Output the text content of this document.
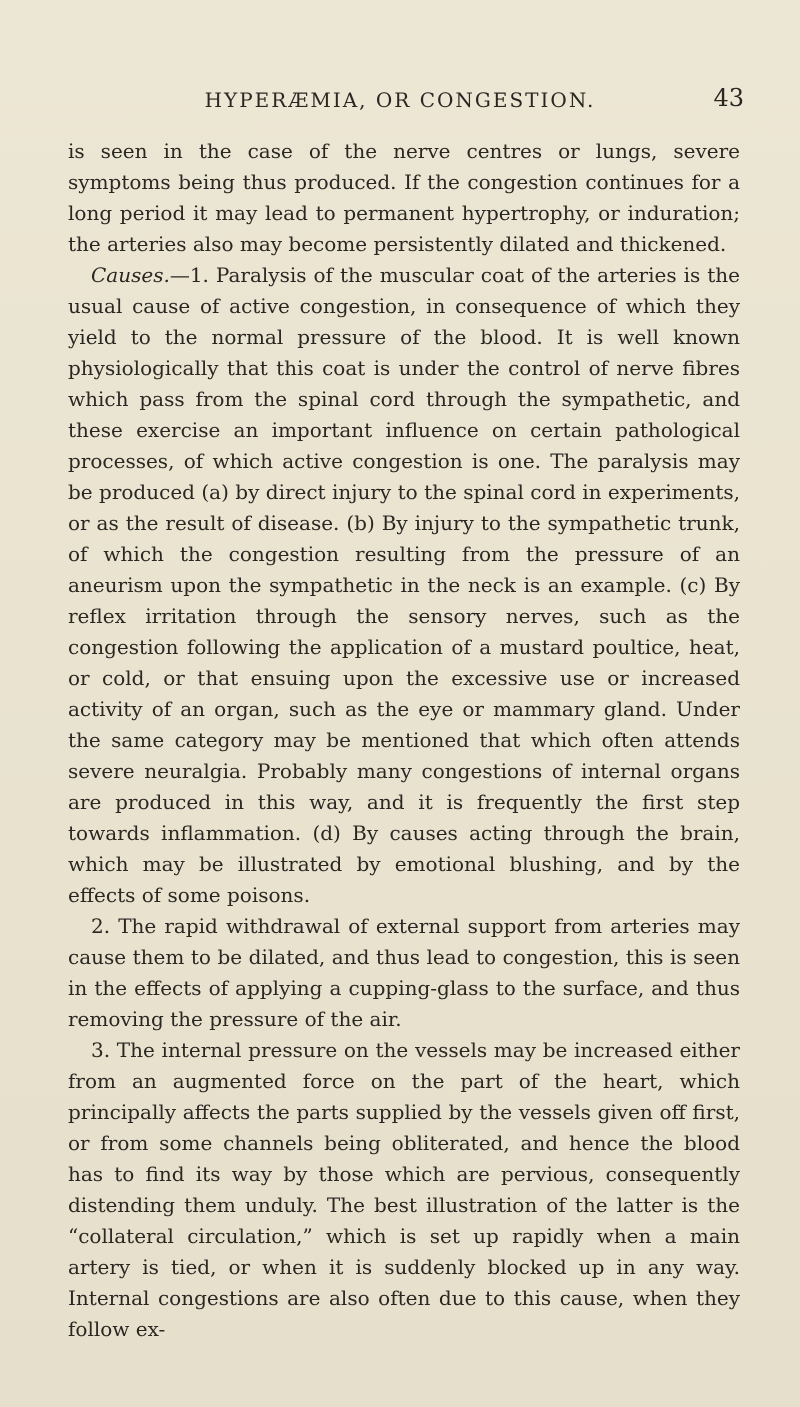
HYPERÆMIA, OR CONGESTION.	43

is seen in the case of the nerve centres or lungs, severe symptoms being thus produced. If the congestion continues for a long period it may lead to permanent hypertrophy, or induration; the arteries also may become persistently dilated and thickened.

Causes.—1. Paralysis of the muscular coat of the arteries is the usual cause of active congestion, in consequence of which they yield to the normal pressure of the blood. It is well known physiologically that this coat is under the control of nerve fibres which pass from the spinal cord through the sympathetic, and these exercise an important influence on certain pathological processes, of which active congestion is one. The paralysis may be produced (a) by direct injury to the spinal cord in experiments, or as the result of disease. (b) By injury to the sympathetic trunk, of which the congestion resulting from the pressure of an aneurism upon the sympathetic in the neck is an example. (c) By reflex irritation through the sensory nerves, such as the congestion following the application of a mustard poultice, heat, or cold, or that ensuing upon the excessive use or increased activity of an organ, such as the eye or mammary gland. Under the same category may be mentioned that which often attends severe neuralgia. Probably many congestions of internal organs are produced in this way, and it is frequently the first step towards inflammation. (d) By causes acting through the brain, which may be illustrated by emotional blushing, and by the effects of some poisons.

2. The rapid withdrawal of external support from arteries may cause them to be dilated, and thus lead to congestion, this is seen in the effects of applying a cupping-glass to the surface, and thus removing the pressure of the air.

3. The internal pressure on the vessels may be increased either from an augmented force on the part of the heart, which principally affects the parts supplied by the vessels given off first, or from some channels being obliterated, and hence the blood has to find its way by those which are pervious, consequently distending them unduly. The best illustration of the latter is the “collateral circulation,” which is set up rapidly when a main artery is tied, or when it is suddenly blocked up in any way. Internal congestions are also often due to this cause, when they follow ex-
